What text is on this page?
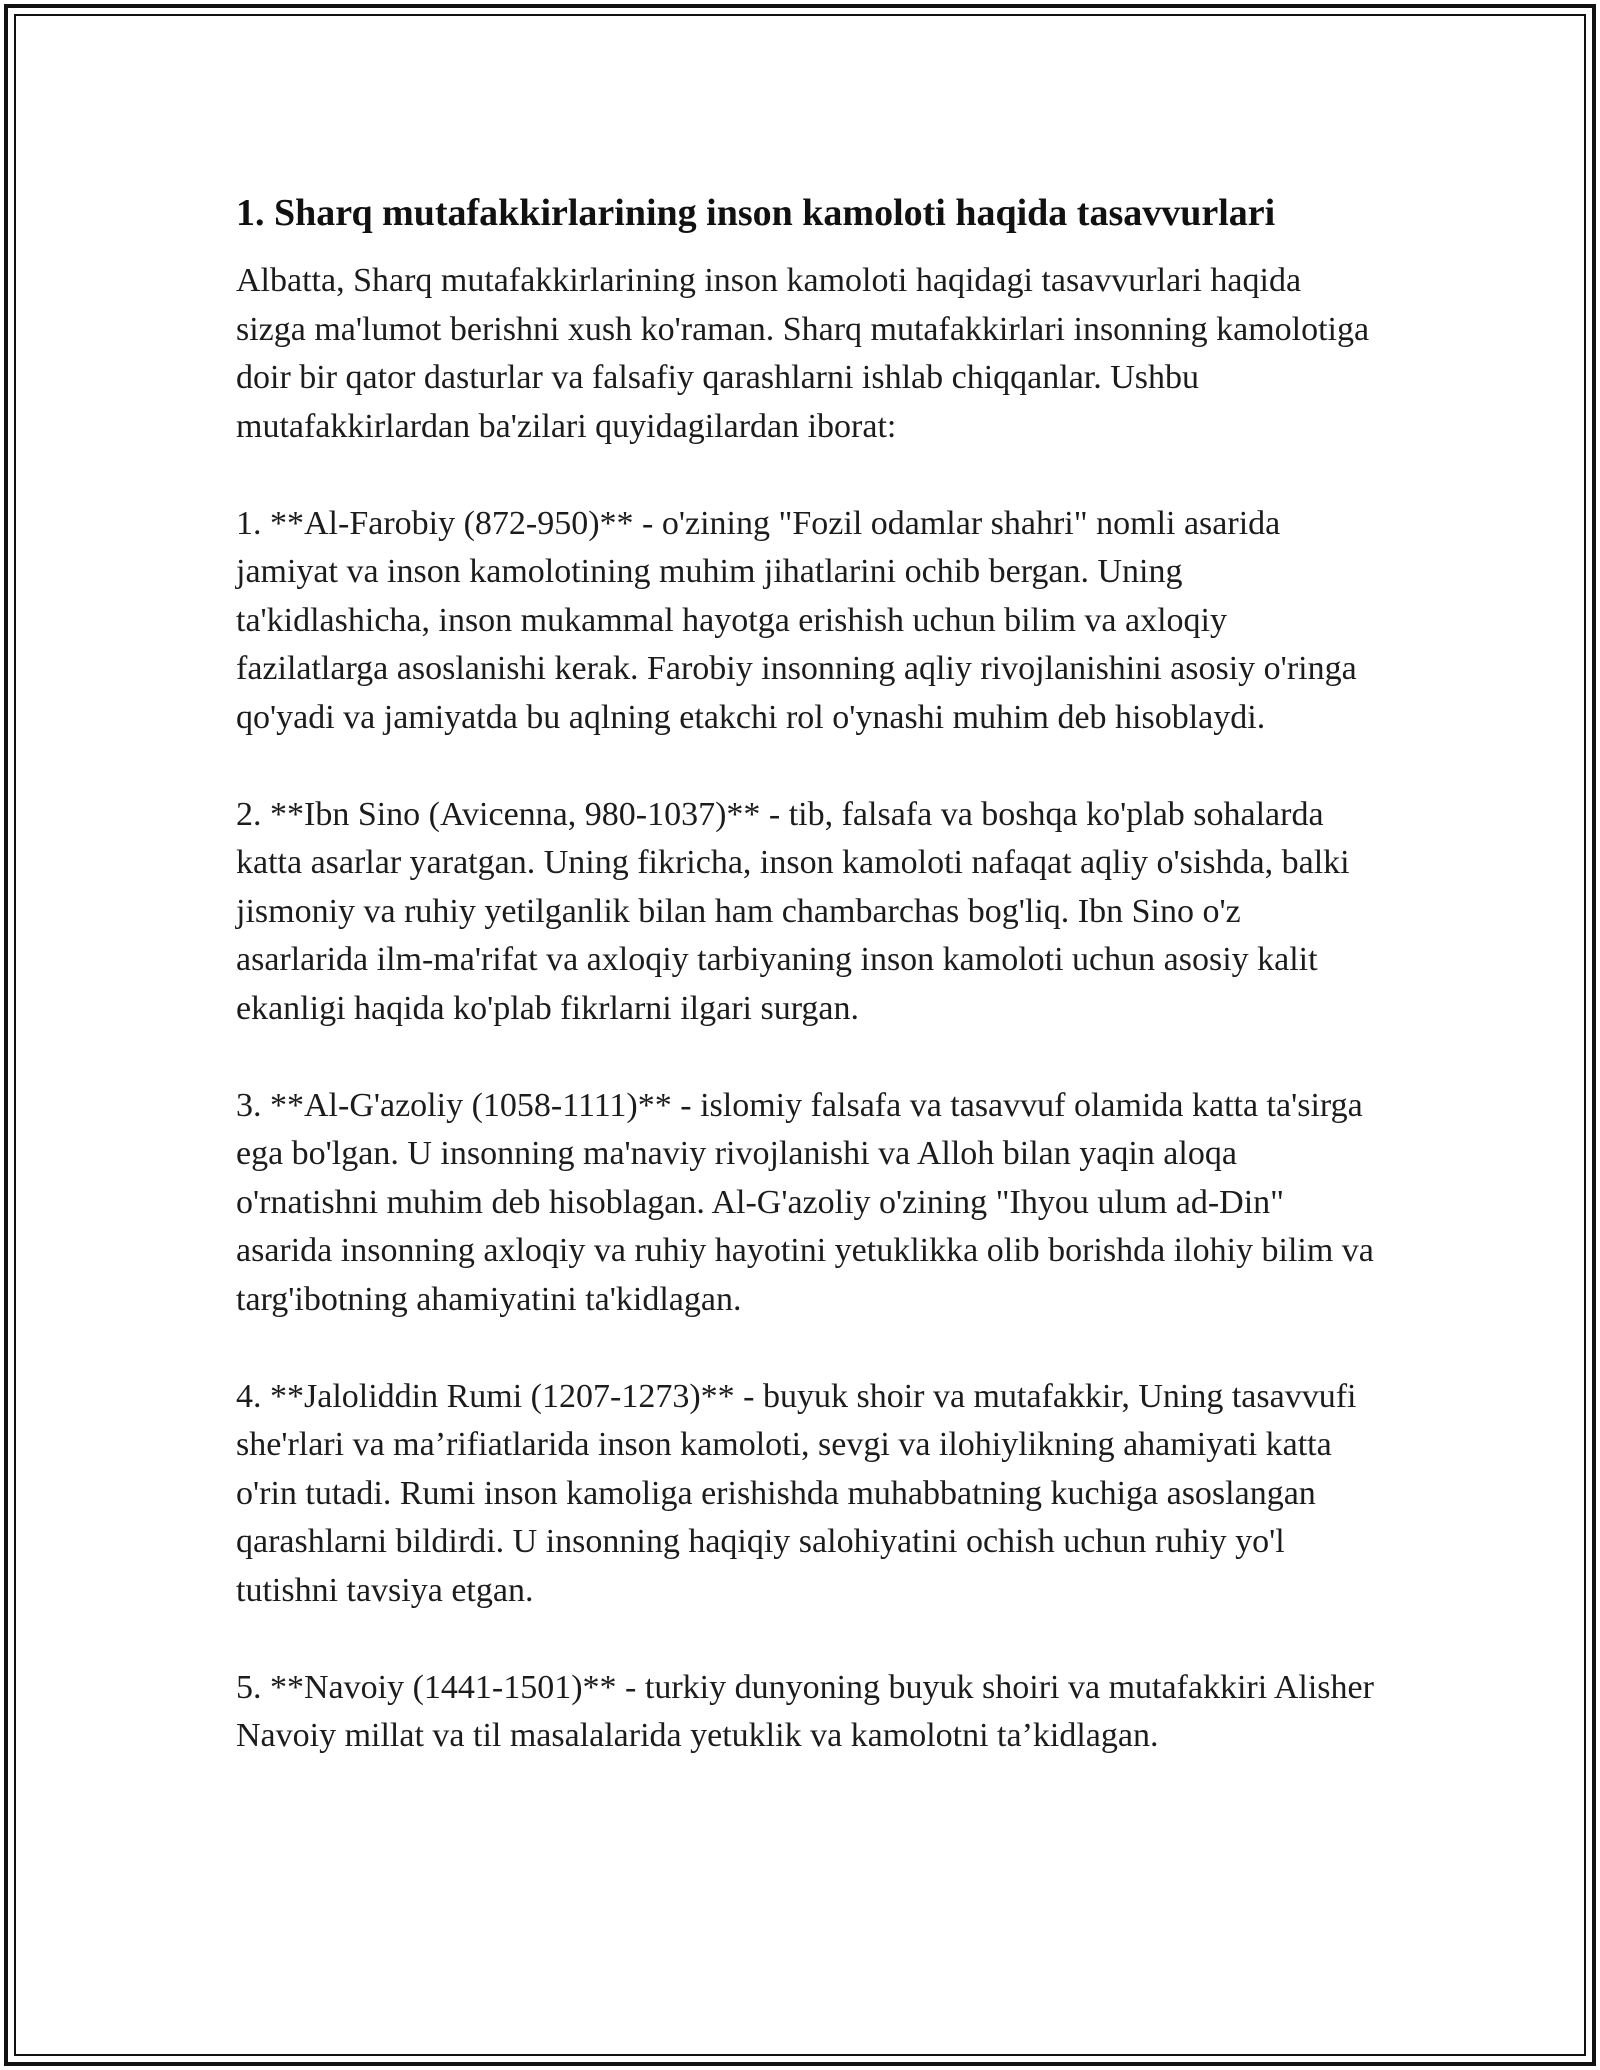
1. Sharq mutafakkirlarining inson kamoloti haqida tasavvurlari

Albatta, Sharq mutafakkirlarining inson kamoloti haqidagi tasavvurlari haqida sizga ma'lumot berishni xush ko'raman. Sharq mutafakkirlari insonning kamolotiga doir bir qator dasturlar va falsafiy qarashlarni ishlab chiqqanlar. Ushbu mutafakkirlardan ba'zilari quyidagilardan iborat:

1. **Al-Farobiy (872-950)** - o'zining "Fozil odamlar shahri" nomli asarida jamiyat va inson kamolotining muhim jihatlarini ochib bergan. Uning ta'kidlashicha, inson mukammal hayotga erishish uchun bilim va axloqiy fazilatlarga asoslanishi kerak. Farobiy insonning aqliy rivojlanishini asosiy o'ringa qo'yadi va jamiyatda bu aqlning etakchi rol o'ynashi muhim deb hisoblaydi.

2. **Ibn Sino (Avicenna, 980-1037)** - tib, falsafa va boshqa ko'plab sohalarda katta asarlar yaratgan. Uning fikricha, inson kamoloti nafaqat aqliy o'sishda, balki jismoniy va ruhiy yetilganlik bilan ham chambarchas bog'liq. Ibn Sino o'z asarlarida ilm-ma'rifat va axloqiy tarbiyaning inson kamoloti uchun asosiy kalit ekanligi haqida ko'plab fikrlarni ilgari surgan.

3. **Al-G'azoliy (1058-1111)** - islomiy falsafa va tasavvuf olamida katta ta'sirga ega bo'lgan. U insonning ma'naviy rivojlanishi va Alloh bilan yaqin aloqa o'rnatishni muhim deb hisoblagan. Al-G'azoliy o'zining "Ihyou ulum ad-Din" asarida insonning axloqiy va ruhiy hayotini yetuklikka olib borishda ilohiy bilim va targ'ibotning ahamiyatini ta'kidlagan.

4. **Jaloliddin Rumi (1207-1273)** - buyuk shoir va mutafakkir, Uning tasavvufi she'rlari va ma’rifiatlarida inson kamoloti, sevgi va ilohiylikning ahamiyati katta o'rin tutadi. Rumi inson kamoliga erishishda muhabbatning kuchiga asoslangan qarashlarni bildirdi. U insonning haqiqiy salohiyatini ochish uchun ruhiy yo'l tutishni tavsiya etgan.

5. **Navoiy (1441-1501)** - turkiy dunyoning buyuk shoiri va mutafakkiri Alisher Navoiy millat va til masalalarida yetuklik va kamolotni ta’kidlagan.
